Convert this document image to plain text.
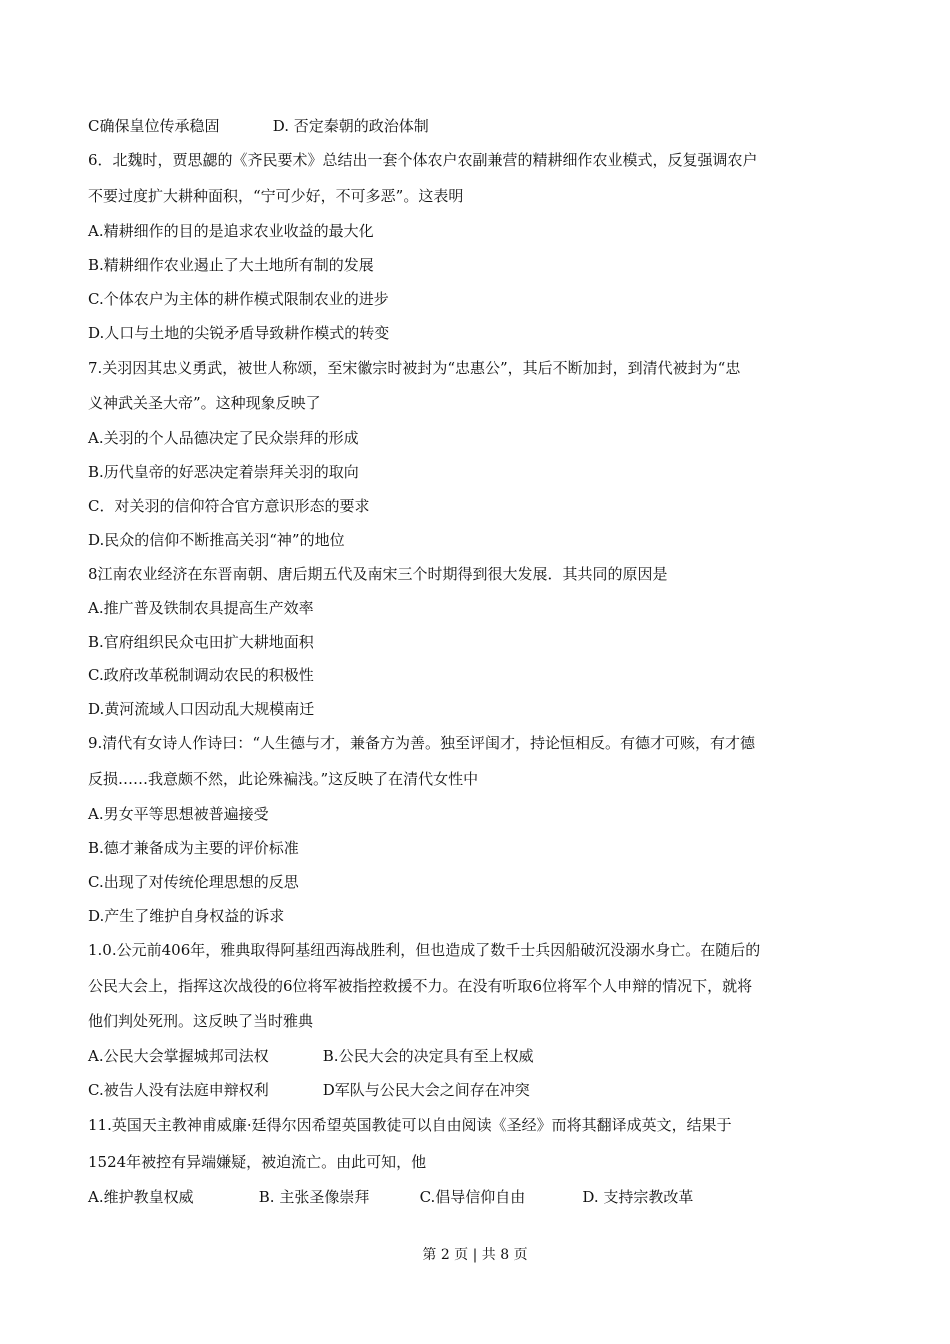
C确保皇位传承稳固	D. 否定秦朝的政治体制
6．北魏时，贾思勰的《齐民要术》总结出一套个体农户农副兼营的精耕细作农业模式，反复强调农户
不要过度扩大耕种面积，“宁可少好，不可多恶”。这表明
A.精耕细作的目的是追求农业收益的最大化
B.精耕细作农业遏止了大土地所有制的发展
C.个体农户为主体的耕作模式限制农业的进步
D.人口与土地的尖锐矛盾导致耕作模式的转变
7.关羽因其忠义勇武，被世人称颂，至宋徽宗时被封为“忠惠公”，其后不断加封，到清代被封为“忠
义神武关圣大帝”。这种现象反映了
A.关羽的个人品德决定了民众崇拜的形成
B.历代皇帝的好恶决定着崇拜关羽的取向
C．对关羽的信仰符合官方意识形态的要求
D.民众的信仰不断推高关羽“神”的地位
8江南农业经济在东晋南朝、唐后期五代及南宋三个时期得到很大发展．其共同的原因是
A.推广普及铁制农具提高生产效率
B.官府组织民众屯田扩大耕地面积
C.政府改革税制调动农民的积极性
D.黄河流域人口因动乱大规模南迁
9.清代有女诗人作诗曰：“人生德与才，兼备方为善。独至评闺才，持论恒相反。有德才可赅，有才德
反损……我意颇不然，此论殊褊浅。”这反映了在清代女性中
A.男女平等思想被普遍接受
B.德才兼备成为主要的评价标准
C.出现了对传统伦理思想的反思
D.产生了维护自身权益的诉求
1.0.公元前406年，雅典取得阿基纽西海战胜利，但也造成了数千士兵因船破沉没溺水身亡。在随后的
公民大会上，指挥这次战役的6位将军被指控救援不力。在没有听取6位将军个人申辩的情况下，就将
他们判处死刑。这反映了当时雅典
A.公民大会掌握城邦司法权	B.公民大会的决定具有至上权威
C.被告人没有法庭申辩权利	D军队与公民大会之间存在冲突
11.英国天主教神甫威廉·廷得尔因希望英国教徒可以自由阅读《圣经》而将其翻译成英文，结果于
1524年被控有异端嫌疑，被迫流亡。由此可知，他
A.维护教皇权威	B. 主张圣像崇拜	C.倡导信仰自由	D. 支持宗教改革
第 2 页 | 共 8 页
